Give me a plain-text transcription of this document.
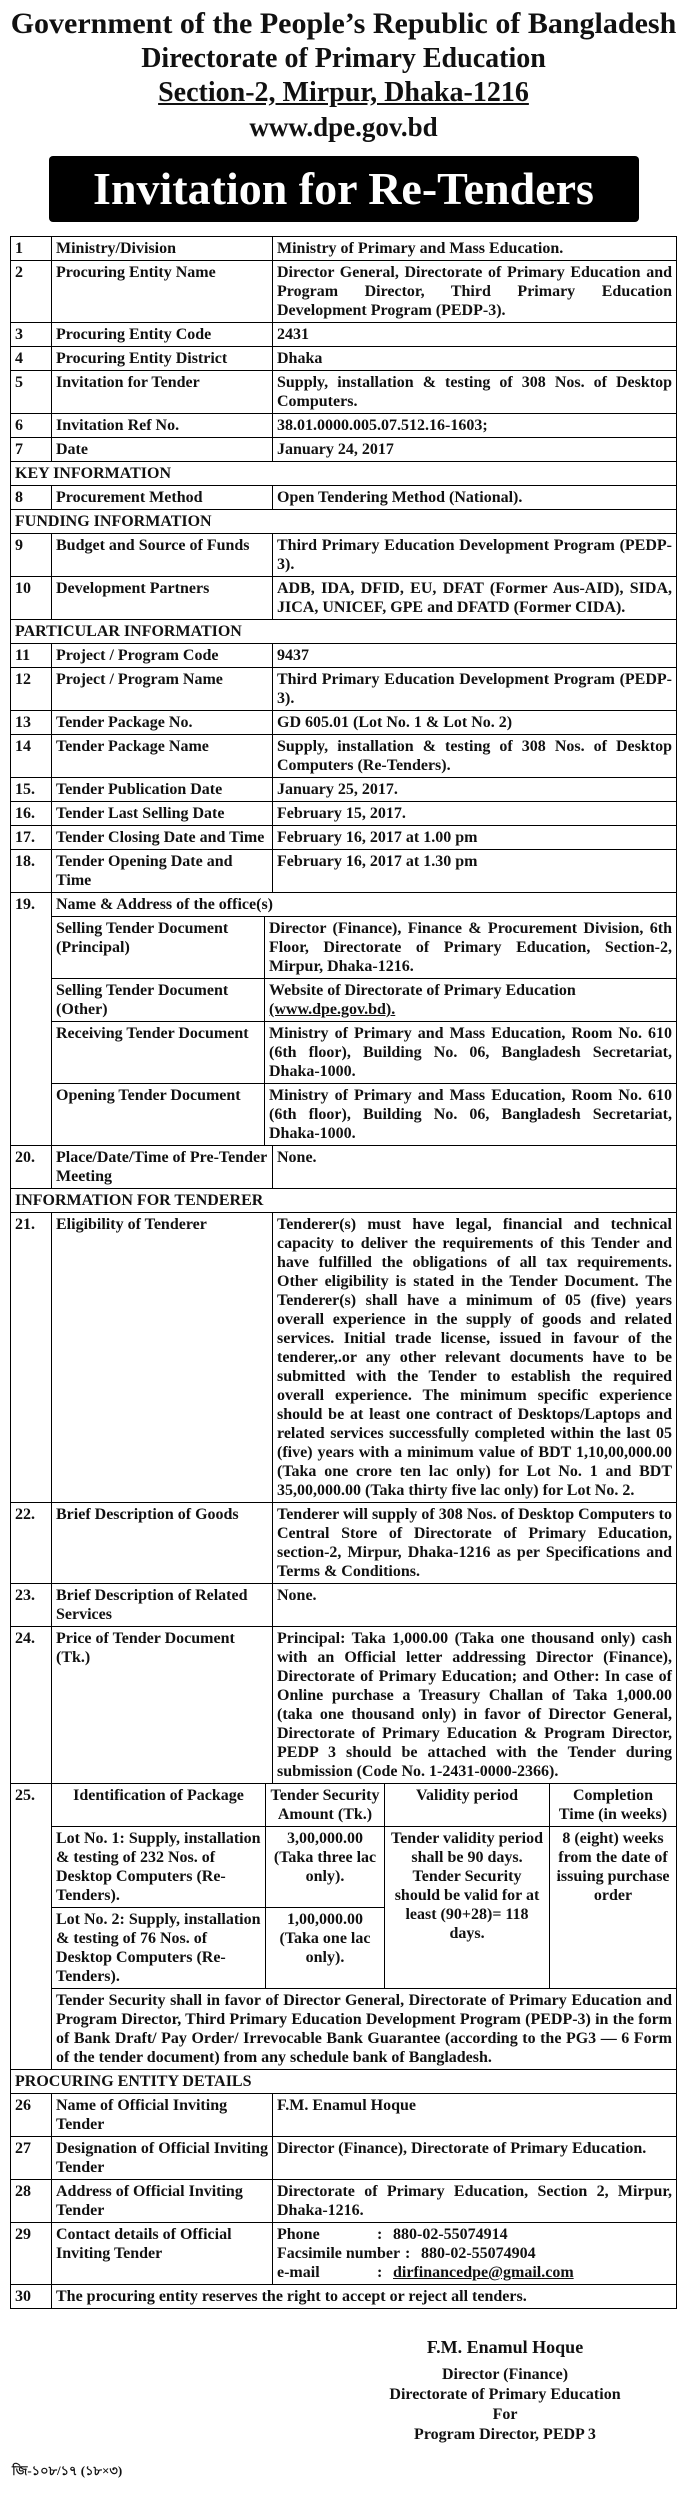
Government of the People’s Republic of Bangladesh
Directorate of Primary Education
Section-2, Mirpur, Dhaka-1216
www.dpe.gov.bd
Invitation for Re-Tenders
1	Ministry/Division	Ministry of Primary and Mass Education.
2	Procuring Entity Name	Director General, Directorate of Primary Education and Program Director, Third Primary Education Development Program (PEDP-3).
3	Procuring Entity Code	2431
4	Procuring Entity District	Dhaka
5	Invitation for Tender	Supply, installation & testing of 308 Nos. of Desktop Computers.
6	Invitation Ref No.	38.01.0000.005.07.512.16-1603;
7	Date	January 24, 2017
KEY INFORMATION
8	Procurement Method	Open Tendering Method (National).
FUNDING INFORMATION
9	Budget and Source of Funds	Third Primary Education Development Program (PEDP-3).
10	Development Partners	ADB, IDA, DFID, EU, DFAT (Former Aus-AID), SIDA, JICA, UNICEF, GPE and DFATD (Former CIDA).
PARTICULAR INFORMATION
11	Project / Program Code	9437
12	Project / Program Name	Third Primary Education Development Program (PEDP-3).
13	Tender Package No.	GD 605.01 (Lot No. 1 & Lot No. 2)
14	Tender Package Name	Supply, installation & testing of 308 Nos. of Desktop Computers (Re-Tenders).
15.	Tender Publication Date	January 25, 2017.
16.	Tender Last Selling Date	February 15, 2017.
17.	Tender Closing Date and Time	February 16, 2017 at 1.00 pm
18.	Tender Opening Date and Time	February 16, 2017 at 1.30 pm
19.	Name & Address of the office(s)
Selling Tender Document (Principal)	Director (Finance), Finance & Procurement Division, 6th Floor, Directorate of Primary Education, Section-2, Mirpur, Dhaka-1216.
Selling Tender Document (Other)	Website of Directorate of Primary Education
(www.dpe.gov.bd).
Receiving Tender Document	Ministry of Primary and Mass Education, Room No. 610 (6th floor), Building No. 06, Bangladesh Secretariat, Dhaka-1000.
Opening Tender Document	Ministry of Primary and Mass Education, Room No. 610 (6th floor), Building No. 06, Bangladesh Secretariat, Dhaka-1000.

20.	Place/Date/Time of Pre-Tender Meeting	None.
INFORMATION FOR TENDERER
21.	Eligibility of Tenderer	Tenderer(s) must have legal, financial and technical capacity to deliver the requirements of this Tender and have fulfilled the obligations of all tax requirements. Other eligibility is stated in the Tender Document. The Tenderer(s) shall have a minimum of 05 (five) years overall experience in the supply of goods and related services. Initial trade license, issued in favour of the tenderer,.or any other relevant documents have to be submitted with the Tender to establish the required overall experience. The minimum specific experience should be at least one contract of Desktops/Laptops and related services successfully completed within the last 05 (five) years with a minimum value of BDT 1,10,00,000.00 (Taka one crore ten lac only) for Lot No. 1 and BDT 35,00,000.00 (Taka thirty five lac only) for Lot No. 2.
22.	Brief Description of Goods	Tenderer will supply of 308 Nos. of Desktop Computers to Central Store of Directorate of Primary Education, section-2, Mirpur, Dhaka-1216 as per Specifications and Terms & Conditions.
23.	Brief Description of Related Services	None.
24.	Price of Tender Document (Tk.)	Principal: Taka 1,000.00 (Taka one thousand only) cash with an Official letter addressing Director (Finance), Directorate of Primary Education; and Other: In case of Online purchase a Treasury Challan of Taka 1,000.00 (taka one thousand only) in favor of Director General, Directorate of Primary Education & Program Director, PEDP 3 should be attached with the Tender during submission (Code No. 1-2431-0000-2366).
25.	Identification of Package	Tender Security Amount (Tk.)	Validity period	Completion Time (in weeks)
Lot No. 1: Supply, installation & testing of 232 Nos. of Desktop Computers (Re-Tenders).	3,00,000.00 (Taka three lac only).	Tender validity period shall be 90 days. Tender Security should be valid for at least (90+28)= 118 days.	8 (eight) weeks from the date of issuing purchase order
Lot No. 2: Supply, installation & testing of 76 Nos. of Desktop Computers (Re-Tenders).	1,00,000.00 (Taka one lac only).
Tender Security shall in favor of Director General, Directorate of Primary Education and Program Director, Third Primary Education Development Program (PEDP-3) in the form of Bank Draft/ Pay Order/ Irrevocable Bank Guarantee (according to the PG3 — 6 Form of the tender document) from any schedule bank of Bangladesh.

PROCURING ENTITY DETAILS
26	Name of Official Inviting Tender	F.M. Enamul Hoque
27	Designation of Official Inviting Tender	Director (Finance), Directorate of Primary Education.
28	Address of Official Inviting Tender	Directorate of Primary Education, Section 2, Mirpur, Dhaka-1216.
29	Contact details of Official Inviting Tender	
Phone	: 880-02-55074914
Facsimile number : 880-02-55074904
e-mail	: dirfinancedpe@gmail.com

30	The procuring entity reserves the right to accept or reject all tenders.
F.M. Enamul Hoque
Director (Finance)
Directorate of Primary Education
For
Program Director, PEDP 3
জি-১০৮/১৭ (১৮×৩)
